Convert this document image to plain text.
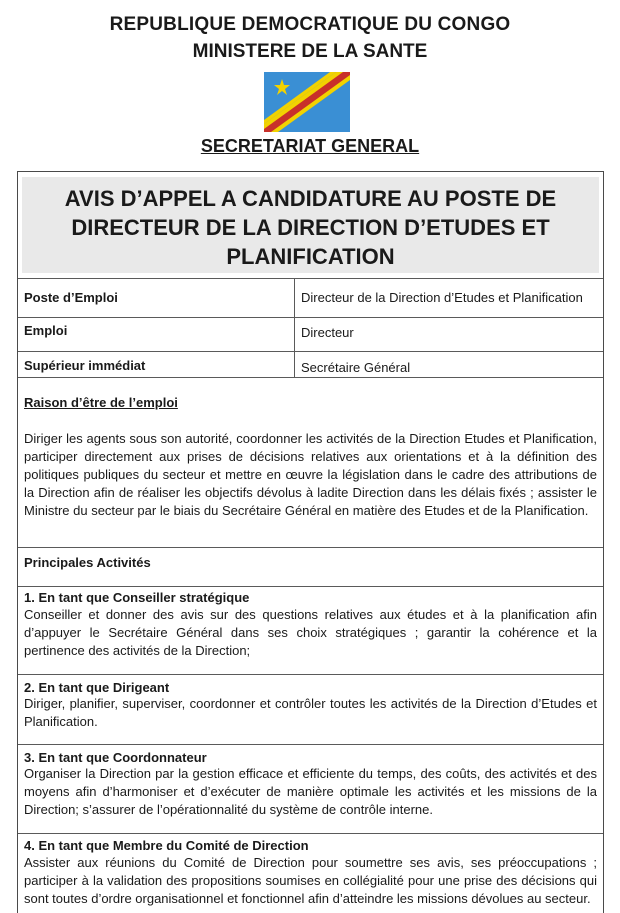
REPUBLIQUE DEMOCRATIQUE DU CONGO
MINISTERE DE LA SANTE
SECRETARIAT GENERAL
AVIS D’APPEL A CANDIDATURE AU POSTE DE
DIRECTEUR DE LA DIRECTION D’ETUDES ET
PLANIFICATION
Poste d’Emploi	Directeur de la Direction d’Etudes et Planification
Emploi	Directeur
Supérieur immédiat	Secrétaire Général
Raison d’être de l’emploi
Diriger les agents sous son autorité, coordonner les activités de la Direction Etudes et Planification, participer directement aux prises de décisions relatives aux orientations et à la définition des politiques publiques du secteur et mettre en œuvre la législation dans le cadre des attributions de la Direction afin de réaliser les objectifs dévolus à ladite Direction dans les délais fixés ; assister le Ministre du secteur par le biais du Secrétaire Général en matière des Etudes et de la Planification.
Principales Activités
1. En tant que Conseiller stratégique
Conseiller et donner des avis sur des questions relatives aux études et à la planification afin d’appuyer le Secrétaire Général dans ses choix stratégiques ; garantir la cohérence et la pertinence des activités de la Direction;
2. En tant que Dirigeant
Diriger, planifier, superviser, coordonner et contrôler toutes les activités de la Direction d’Etudes et Planification.
3. En tant que Coordonnateur
Organiser la Direction par la gestion efficace et efficiente du temps, des coûts, des activités et des moyens afin d’harmoniser et d’exécuter de manière optimale les activités et les missions de la Direction; s’assurer de l’opérationnalité du système de contrôle interne.
4. En tant que Membre du Comité de Direction
Assister aux réunions du Comité de Direction pour soumettre ses avis, ses préoccupations ; participer à la validation des propositions soumises en collégialité pour une prise des décisions qui sont toutes d’ordre organisationnel et fonctionnel afin d’atteindre les missions dévolues au secteur.
